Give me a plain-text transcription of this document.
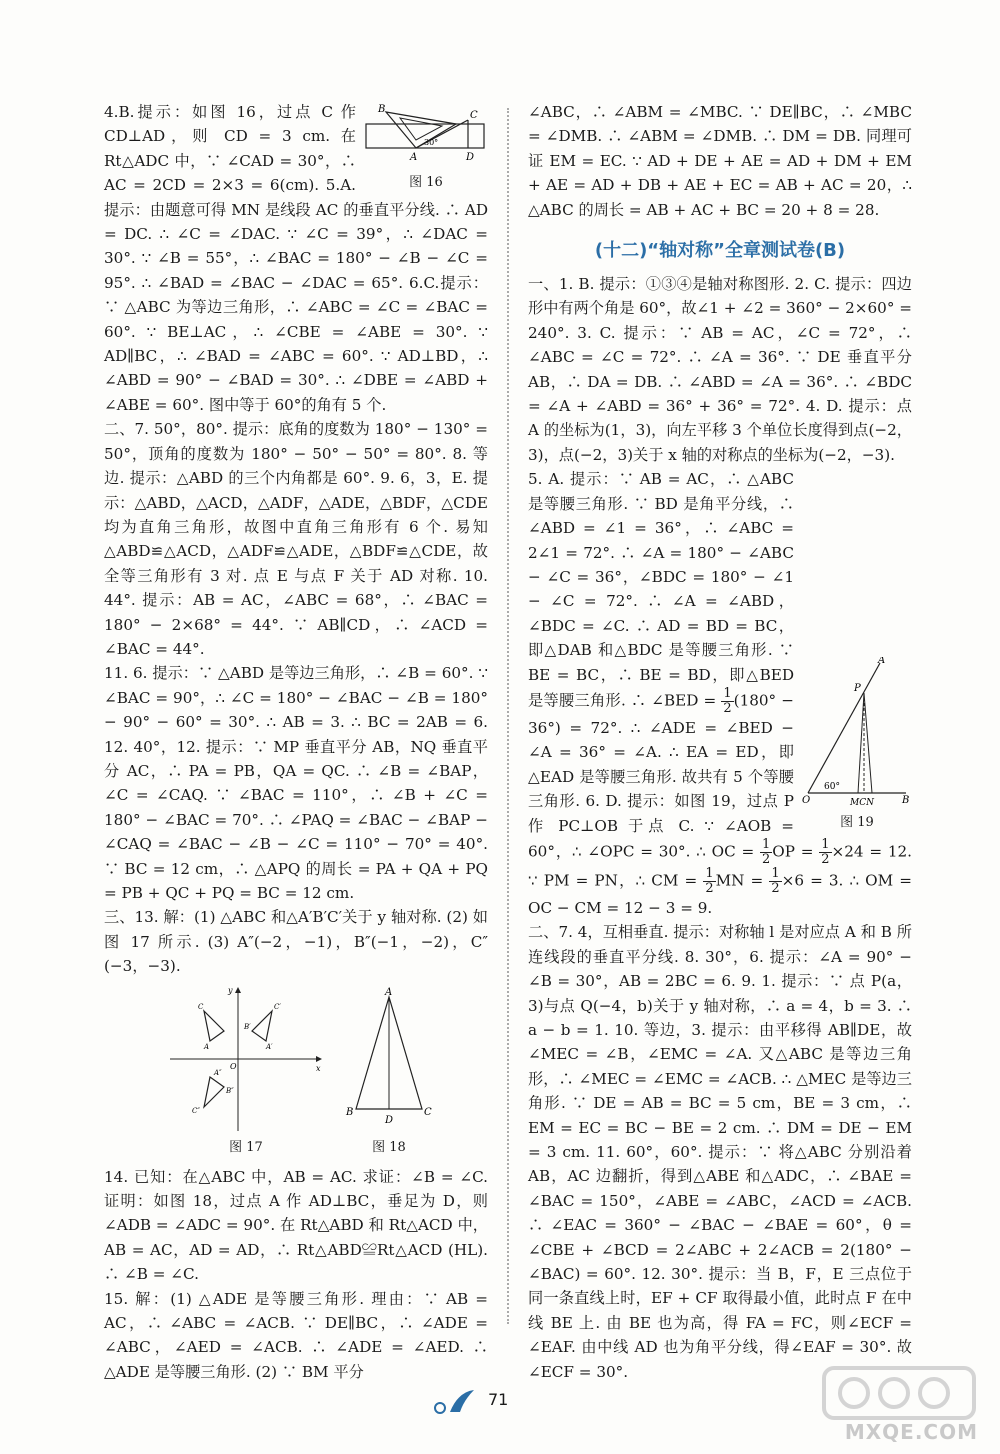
B
C
A	D
30°
图 16

4.B.提示：如图 16，过点 C 作 CD⊥AD，则 CD = 3 cm. 在 Rt△ADC 中，∵ ∠CAD = 30°，∴ AC = 2CD = 2×3 = 6(cm). 5.A.提示：由题意可得 MN 是线段 AC 的垂直平分线. ∴ AD = DC. ∴ ∠C = ∠DAC. ∵ ∠C = 39°，∴ ∠DAC = 30°. ∵ ∠B = 55°，∴ ∠BAC = 180° − ∠B − ∠C = 95°. ∴ ∠BAD = ∠BAC − ∠DAC = 65°. 6.C.提示：∵ △ABC 为等边三角形，∴ ∠ABC = ∠C = ∠BAC = 60°. ∵ BE⊥AC，∴ ∠CBE = ∠ABE = 30°. ∵ AD∥BC，∴ ∠BAD = ∠ABC = 60°. ∵ AD⊥BD，∴ ∠ABD = 90° − ∠BAD = 30°. ∴ ∠DBE = ∠ABD + ∠ABE = 60°. 图中等于 60°的角有 5 个.

二、7. 50°，80°. 提示：底角的度数为 180° − 130° = 50°，顶角的度数为 180° − 50° − 50° = 80°. 8. 等边. 提示：△ABD 的三个内角都是 60°. 9. 6，3，E. 提示：△ABD，△ACD，△ADF，△ADE，△BDF，△CDE 均为直角三角形，故图中直角三角形有 6 个. 易知△ABD≌△ACD，△ADF≌△ADE，△BDF≌△CDE，故全等三角形有 3 对. 点 E 与点 F 关于 AD 对称. 10. 44°. 提示：AB = AC，∠ABC = 68°，∴ ∠BAC = 180° − 2×68° = 44°. ∵ AB∥CD，∴ ∠ACD = ∠BAC = 44°.

11. 6. 提示：∵ △ABD 是等边三角形，∴ ∠B = 60°. ∵ ∠BAC = 90°，∴ ∠C = 180° − ∠BAC − ∠B = 180° − 90° − 60° = 30°. ∴ AB = 3. ∴ BC = 2AB = 6. 12. 40°，12. 提示：∵ MP 垂直平分 AB，NQ 垂直平分 AC，∴ PA = PB，QA = QC. ∴ ∠B = ∠BAP，∠C = ∠CAQ. ∵ ∠BAC = 110°，∴ ∠B + ∠C = 180° − ∠BAC = 70°. ∴ ∠PAQ = ∠BAC − ∠BAP − ∠CAQ = ∠BAC − ∠B − ∠C = 110° − 70° = 40°. ∵ BC = 12 cm，∴ △APQ 的周长 = PA + QA + PQ = PB + QC + PQ = BC = 12 cm.

三、13. 解：(1) △ABC 和△A′B′C′关于 y 轴对称. (2) 如图 17 所示. (3) A″(−2，−1)，B″(−1，−2)，C″(−3，−3).

x
y
O
C	C′
B′
A′
A
A″
B″
C″
图 17
A
B	C
D
图 18

14. 已知：在△ABC 中，AB = AC. 求证：∠B = ∠C. 证明：如图 18，过点 A 作 AD⊥BC，垂足为 D，则 ∠ADB = ∠ADC = 90°. 在 Rt△ABD 和 Rt△ACD 中，AB = AC，AD = AD，∴ Rt△ABD≌Rt△ACD (HL). ∴ ∠B = ∠C.

15. 解：(1) △ADE 是等腰三角形. 理由：∵ AB = AC，∴ ∠ABC = ∠ACB. ∵ DE∥BC，∴ ∠ADE = ∠ABC，∠AED = ∠ACB. ∴ ∠ADE = ∠AED. ∴ △ADE 是等腰三角形. (2) ∵ BM 平分

∠ABC，∴ ∠ABM = ∠MBC. ∵ DE∥BC，∴ ∠MBC = ∠DMB. ∴ ∠ABM = ∠DMB. ∴ DM = DB. 同理可证 EM = EC. ∵ AD + DE + AE = AD + DM + EM + AE = AD + DB + AE + EC = AB + AC = 20，∴ △ABC 的周长 = AB + AC + BC = 20 + 8 = 28.

(十二)“轴对称”全章测试卷(B)

一、1. B. 提示：①③④是轴对称图形. 2. C. 提示：四边形中有两个角是 60°，故∠1 + ∠2 = 360° − 2×60° = 240°. 3. C. 提示：∵ AB = AC，∠C = 72°，∴ ∠ABC = ∠C = 72°. ∴ ∠A = 36°. ∵ DE 垂直平分 AB，∴ DA = DB. ∴ ∠ABD = ∠A = 36°. ∴ ∠BDC = ∠A + ∠ABD = 36° + 36° = 72°. 4. D. 提示：点 A 的坐标为(1，3)，向左平移 3 个单位长度得到点(−2，3)，点(−2，3)关于 x 轴的对称点的坐标为(−2，−3).

A
P
O	B
MCN
60°
图 19

5. A. 提示：∵ AB = AC，∴ △ABC 是等腰三角形. ∵ BD 是角平分线，∴ ∠ABD = ∠1 = 36°，∴ ∠ABC = 2∠1 = 72°. ∴ ∠A = 180° − ∠ABC − ∠C = 36°，∠BDC = 180° − ∠1 − ∠C = 72°. ∴ ∠A = ∠ABD，∠BDC = ∠C. ∴ AD = BD = BC，即△DAB 和△BDC 是等腰三角形. ∵ BE = BC，∴ BE = BD，即△BED 是等腰三角形. ∴ ∠BED = $\frac{1}{2} (180^\circ - 36^\circ) = 72^\circ$. ∴ ∠ADE = ∠BED − ∠A = 36° = ∠A. ∴ EA = ED，即△EAD 是等腰三角形. 故共有 5 个等腰三角形. 6. D. 提示：如图 19，过点 P 作 PC⊥OB 于点 C. ∵ ∠AOB = 60°，∴ ∠OPC = 30°. ∴ OC = $\frac{1}{2}$ OP = $\frac{1}{2} \times 24 = 12$. ∵ PM = PN，∴ CM = $\frac{1}{2}$ MN = $\frac{1}{2} \times 6 = 3$. ∴ OM = OC − CM = 12 − 3 = 9.

二、7. 4，互相垂直. 提示：对称轴 l 是对应点 A 和 B 所连线段的垂直平分线. 8. 30°，6. 提示：∠A = 90° − ∠B = 30°，AB = 2BC = 6. 9. 1. 提示：∵ 点 P(a，3)与点 Q(−4，b)关于 y 轴对称，∴ a = 4，b = 3. ∴ a − b = 1. 10. 等边，3. 提示：由平移得 AB∥DE，故 ∠MEC = ∠B，∠EMC = ∠A. 又△ABC 是等边三角形，∴ ∠MEC = ∠EMC = ∠ACB. ∴ △MEC 是等边三角形. ∵ DE = AB = BC = 5 cm，BE = 3 cm，∴ EM = EC = BC − BE = 2 cm. ∴ DM = DE − EM = 3 cm. 11. 60°，60°. 提示：∵ 将△ABC 分别沿着 AB，AC 边翻折，得到△ABE 和△ADC，∴ ∠BAE = ∠BAC = 150°，∠ABE = ∠ABC，∠ACD = ∠ACB. ∴ ∠EAC = 360° − ∠BAC − ∠BAE = 60°，θ = ∠CBE + ∠BCD = 2∠ABC + 2∠ACB = 2(180° − ∠BAC) = 60°. 12. 30°. 提示：当 B，F，E 三点位于同一条直线上时，EF + CF 取得最小值，此时点 F 在中线 BE 上. 由 BE 也为高，得 FA = FC，则∠ECF = ∠EAF. 由中线 AD 也为角平分线，得∠EAF = 30°. 故∠ECF = 30°.

71
MXQE.COM
